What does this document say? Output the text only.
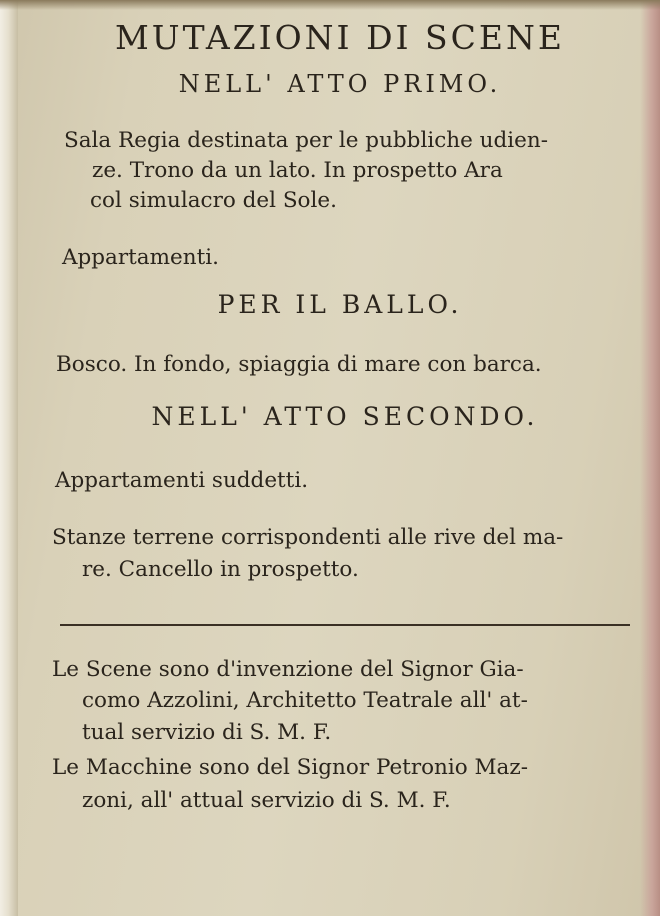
MUTAZIONI DI SCENE
NELL' ATTO PRIMO.
Sala Regia destinata per le pubbliche udien-
ze. Trono da un lato. In prospetto Ara
col simulacro del Sole.
Appartamenti.
PER IL BALLO.
Bosco. In fondo, spiaggia di mare con barca.
NELL' ATTO SECONDO.
Appartamenti suddetti.
Stanze terrene corrispondenti alle rive del ma-
re. Cancello in prospetto.
Le Scene sono d'invenzione del Signor Gia-
como Azzolini, Architetto Teatrale all' at-
tual servizio di S. M. F.
Le Macchine sono del Signor Petronio Maz-
zoni, all' attual servizio di S. M. F.
